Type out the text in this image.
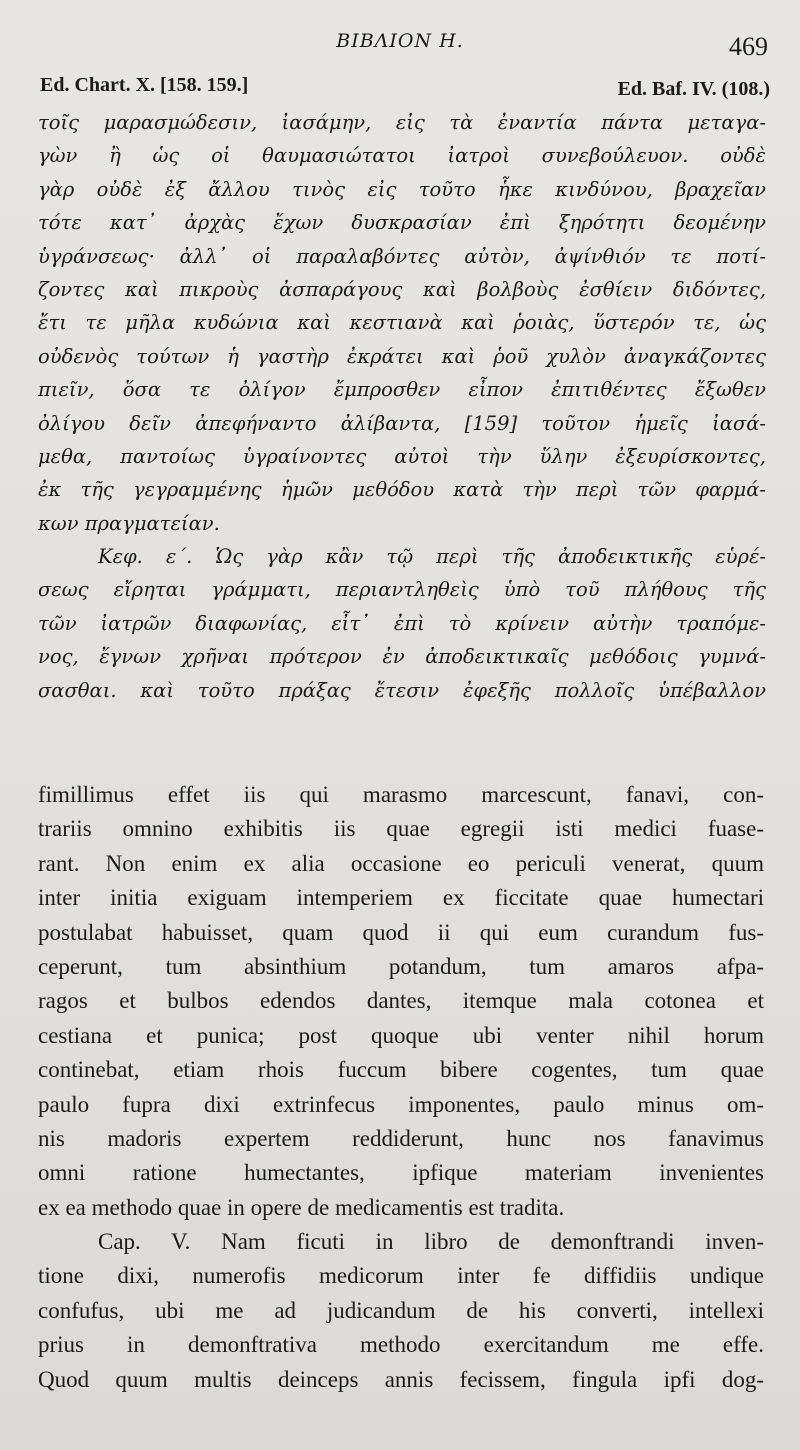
BIBΛΙΟΝ Η.	469
Ed. Chart. X. [158. 159.]	Ed. Baf. IV. (108.)
τοῖς μαρασμώδεσιν, ἰασάμην, εἰς τὰ ἐναντία πάντα μεταγα-
γὼν ἢ ὡς οἱ θαυμασιώτατοι ἰατροὶ συνεβούλευον. οὐδὲ
γὰρ οὐδὲ ἐξ ἄλλου τινὸς εἰς τοῦτο ἧκε κινδύνου, βραχεῖαν
τότε κατ᾽ ἀρχὰς ἔχων δυσκρασίαν ἐπὶ ξηρότητι δεομένην
ὑγράνσεως· ἀλλ᾽ οἱ παραλαβόντες αὐτὸν, ἀψίνθιόν τε ποτί-
ζοντες καὶ πικροὺς ἀσπαράγους καὶ βολβοὺς ἐσθίειν διδόντες,
ἔτι τε μῆλα κυδώνια καὶ κεστιανὰ καὶ ῥοιὰς, ὕστερόν τε, ὡς
οὐδενὸς τούτων ἡ γαστὴρ ἐκράτει καὶ ῥοῦ χυλὸν ἀναγκάζοντες
πιεῖν, ὅσα τε ὀλίγον ἔμπροσθεν εἶπον ἐπιτιθέντες ἔξωθεν
ὀλίγου δεῖν ἀπεφήναντο ἀλίβαντα, [159] τοῦτον ἡμεῖς ἰασά-
μεθα, παντοίως ὑγραίνοντες αὐτοὶ τὴν ὕλην ἐξευρίσκοντες,
ἐκ τῆς γεγραμμένης ἡμῶν μεθόδου κατὰ τὴν περὶ τῶν φαρμά-
κων πραγματείαν.
Κεφ. ε΄. Ὡς γὰρ κἂν τῷ περὶ τῆς ἀποδεικτικῆς εὑρέ-
σεως εἴρηται γράμματι, περιαντληθεὶς ὑπὸ τοῦ πλήθους τῆς
τῶν ἰατρῶν διαφωνίας, εἶτ᾽ ἐπὶ τὸ κρίνειν αὐτὴν τραπόμε-
νος, ἔγνων χρῆναι πρότερον ἐν ἀποδεικτικαῖς μεθόδοις γυμνά-
σασθαι. καὶ τοῦτο πράξας ἔτεσιν ἐφεξῆς πολλοῖς ὑπέβαλλον
fimillimus effet iis qui marasmo marcescunt, fanavi, con-
trariis omnino exhibitis iis quae egregii isti medici fuase-
rant. Non enim ex alia occasione eo periculi venerat, quum
inter initia exiguam intemperiem ex ficcitate quae humectari
postulabat habuisset, quam quod ii qui eum curandum fus-
ceperunt, tum absinthium potandum, tum amaros afpa-
ragos et bulbos edendos dantes, itemque mala cotonea et
cestiana et punica; post quoque ubi venter nihil horum
continebat, etiam rhois fuccum bibere cogentes, tum quae
paulo fupra dixi extrinfecus imponentes, paulo minus om-
nis madoris expertem reddiderunt, hunc nos fanavimus
omni ratione humectantes, ipfique materiam invenientes
ex ea methodo quae in opere de medicamentis est tradita.
Cap. V. Nam ficuti in libro de demonftrandi inven-
tione dixi, numerofis medicorum inter fe diffidiis undique
confufus, ubi me ad judicandum de his converti, intellexi
prius in demonftrativa methodo exercitandum me effe.
Quod quum multis deinceps annis fecissem, fingula ipfi dog-
